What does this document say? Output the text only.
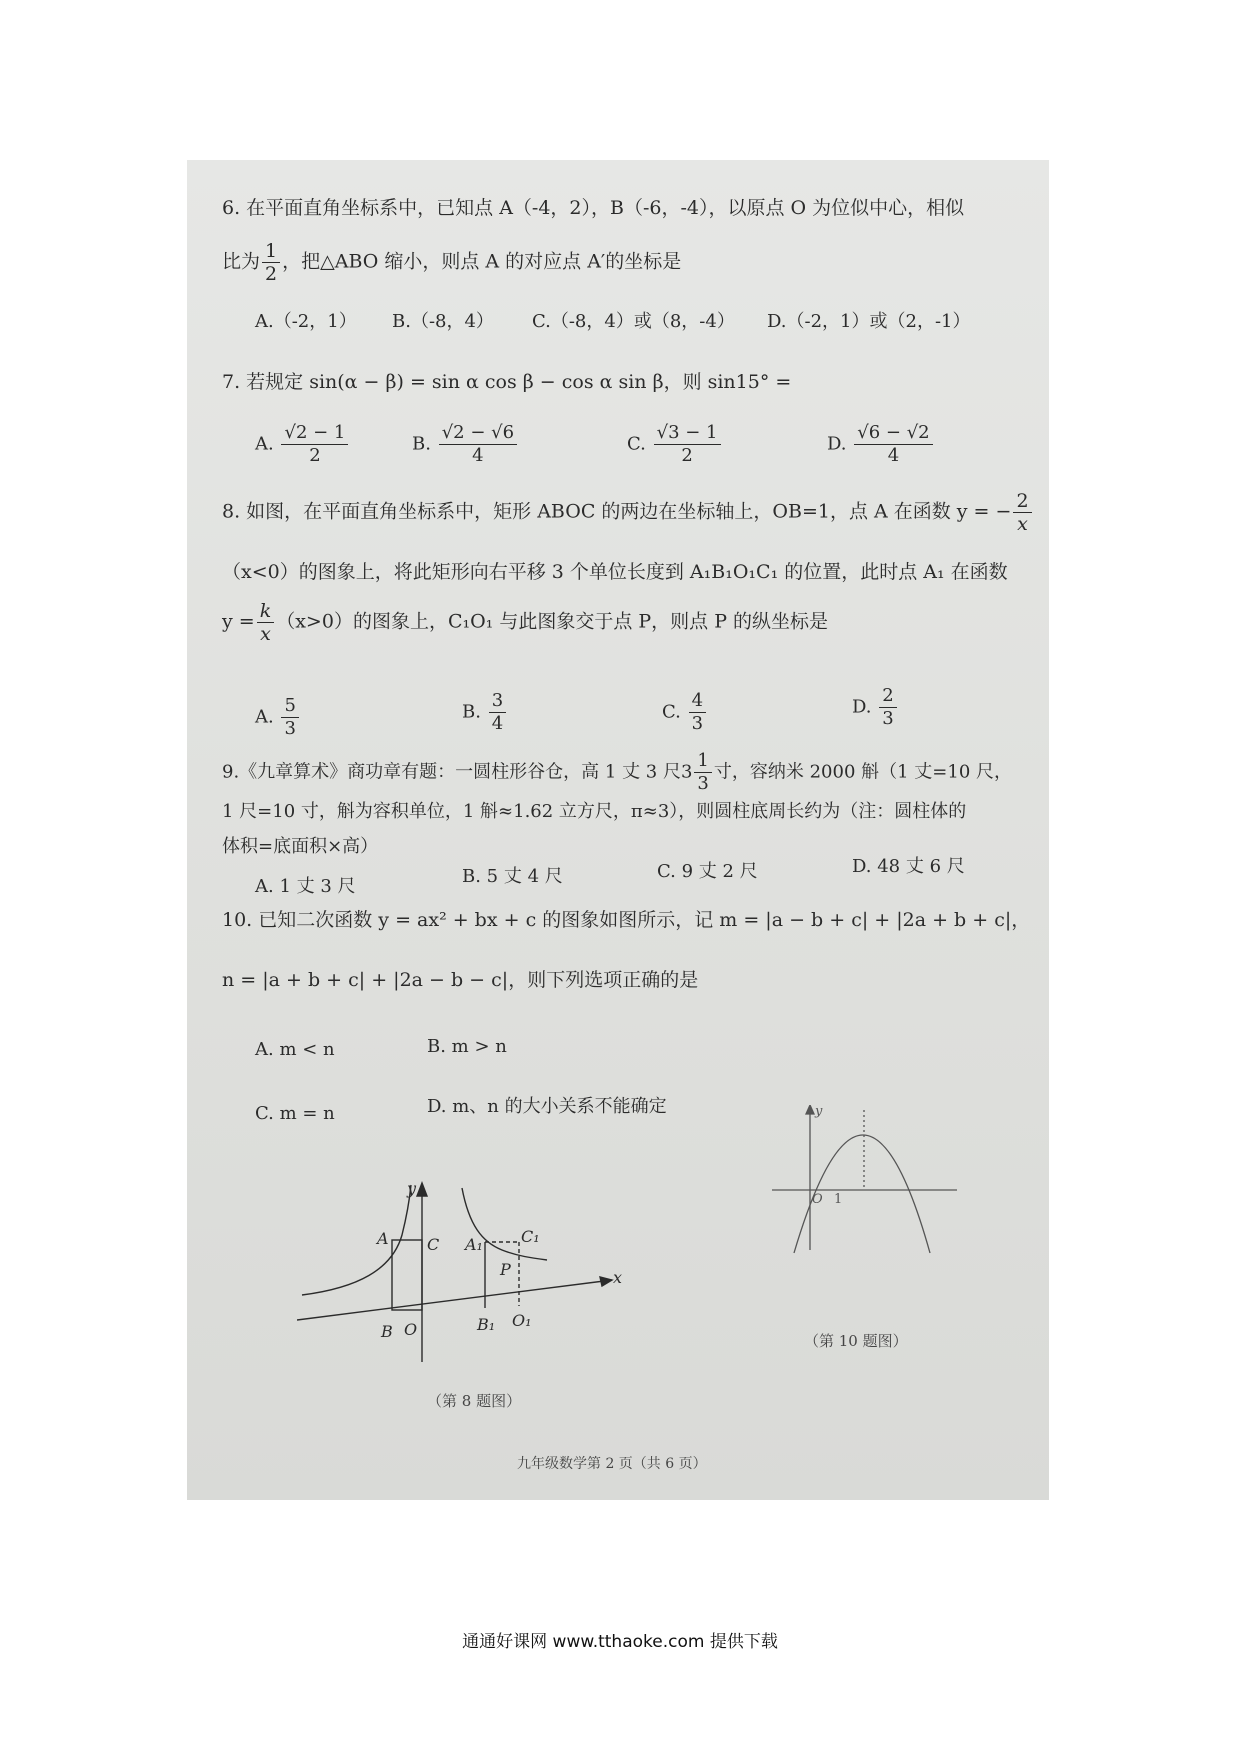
6. 在平面直角坐标系中，已知点 A（-4，2），B（-6，-4），以原点 O 为位似中心，相似
比为 $\frac{1}{2}$ ，把△ABO 缩小，则点 A 的对应点 A′的坐标是
A.（-2，1） B.（-8，4） C.（-8，4）或（8，-4） D.（-2，1）或（2，-1）
7. 若规定 sin(α − β) = sin α cos β − cos α sin β，则 sin15° =
A. $\frac{√2 - 1}{2}$	B. $\frac{√2 - √6}{4}$	C. $\frac{√3 - 1}{2}$	D. $\frac{√6 - √2}{4}$
8. 如图，在平面直角坐标系中，矩形 ABOC 的两边在坐标轴上，OB=1，点 A 在函数 y = − $\frac{2}{x}$
（x<0）的图象上，将此矩形向右平移 3 个单位长度到 A₁B₁O₁C₁ 的位置，此时点 A₁ 在函数
$y = \frac{k}{x} (x>0)$的图象上，C₁O₁ 与此图象交于点 P，则点 P 的纵坐标是
A. $\frac{5}{3}$	B. $\frac{3}{4}$	C. $\frac{4}{3}$	D. $\frac{2}{3}$
9.《九章算术》商功章有题：一圆柱形谷仓，高 1 丈 3 尺$3 \frac{1}{3}$ 寸，容纳米 2000 斛（1 丈=10 尺，
1 尺=10 寸，斛为容积单位，1 斛≈1.62 立方尺，π≈3），则圆柱底周长约为（注：圆柱体的
体积=底面积×高）
A. 1 丈 3 尺	B. 5 丈 4 尺	C. 9 丈 2 尺	D. 48 丈 6 尺
10. 已知二次函数 y = ax² + bx + c 的图象如图所示，记 m = |a − b + c| + |2a + b + c|，
n = |a + b + c| + |2a − b − c|，则下列选项正确的是
A. m < n	B. m > n
C. m = n	D. m、n 的大小关系不能确定
y
x
A C
B O
A₁ C₁
P
B₁ O₁
（第 8 题图）
y
O 1
（第 10 题图）
九年级数学第 2 页（共 6 页）
通通好课网 www.tthaoke.com 提供下载
